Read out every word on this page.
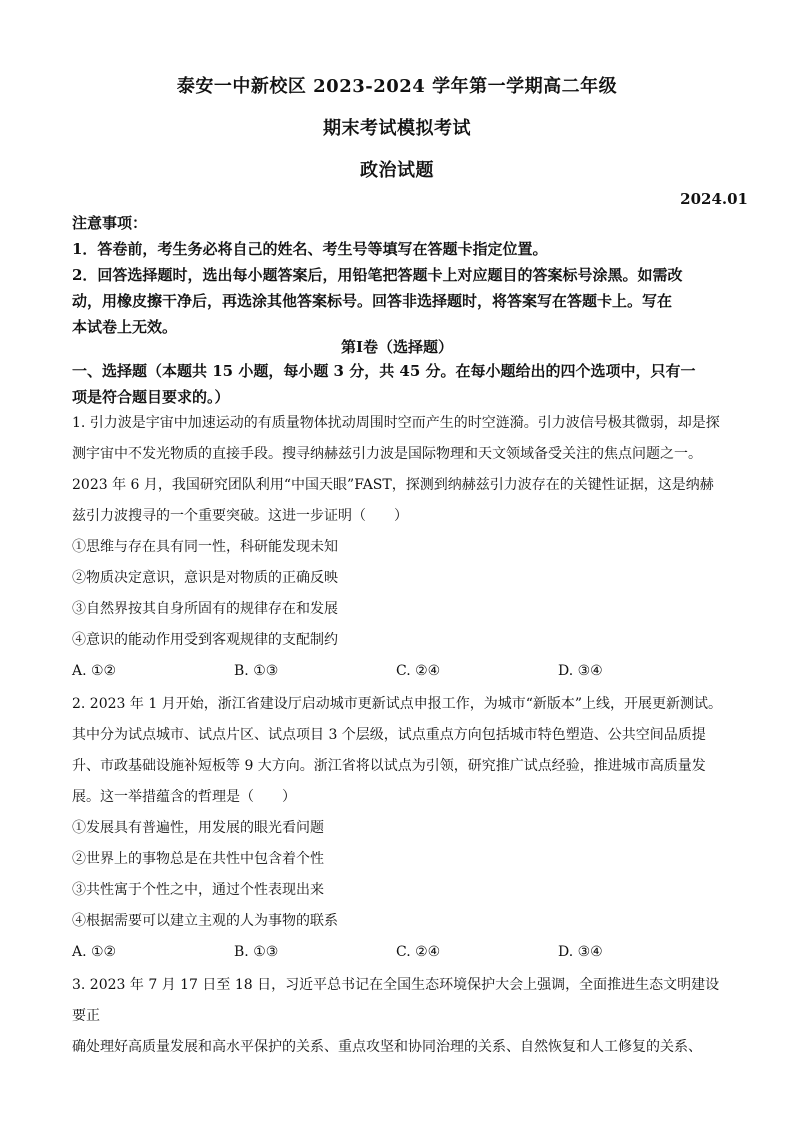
泰安一中新校区 2023-2024 学年第一学期高二年级
期末考试模拟考试
政治试题
2024.01
注意事项：
1．答卷前，考生务必将自己的姓名、考生号等填写在答题卡指定位置。
2．回答选择题时，选出每小题答案后，用铅笔把答题卡上对应题目的答案标号涂黑。如需改
动，用橡皮擦干净后，再选涂其他答案标号。回答非选择题时，将答案写在答题卡上。写在
本试卷上无效。
第Ⅰ卷（选择题）
一、选择题（本题共 15 小题，每小题 3 分，共 45 分。在每小题给出的四个选项中，只有一
项是符合题目要求的。）

1. 引力波是宇宙中加速运动的有质量物体扰动周围时空而产生的时空涟漪。引力波信号极其微弱，却是探

测宇宙中不发光物质的直接手段。搜寻纳赫兹引力波是国际物理和天文领域备受关注的焦点问题之一。

2023 年 6 月，我国研究团队利用“中国天眼”FAST，探测到纳赫兹引力波存在的关键性证据，这是纳赫

兹引力波搜寻的一个重要突破。这进一步证明（　　）

①思维与存在具有同一性，科研能发现未知

②物质决定意识，意识是对物质的正确反映

③自然界按其自身所固有的规律存在和发展

④意识的能动作用受到客观规律的支配制约

A. ①②	B. ①③	C. ②④	D. ③④

2. 2023 年 1 月开始，浙江省建设厅启动城市更新试点申报工作，为城市“新版本”上线，开展更新测试。

其中分为试点城市、试点片区、试点项目 3 个层级，试点重点方向包括城市特色塑造、公共空间品质提

升、市政基础设施补短板等 9 大方向。浙江省将以试点为引领，研究推广试点经验，推进城市高质量发

展。这一举措蕴含的哲理是（　　）

①发展具有普遍性，用发展的眼光看问题

②世界上的事物总是在共性中包含着个性

③共性寓于个性之中，通过个性表现出来

④根据需要可以建立主观的人为事物的联系

A. ①②	B. ①③	C. ②④	D. ③④

3. 2023 年 7 月 17 日至 18 日，习近平总书记在全国生态环境保护大会上强调，全面推进生态文明建设要正

确处理好高质量发展和高水平保护的关系、重点攻坚和协同治理的关系、自然恢复和人工修复的关系、
